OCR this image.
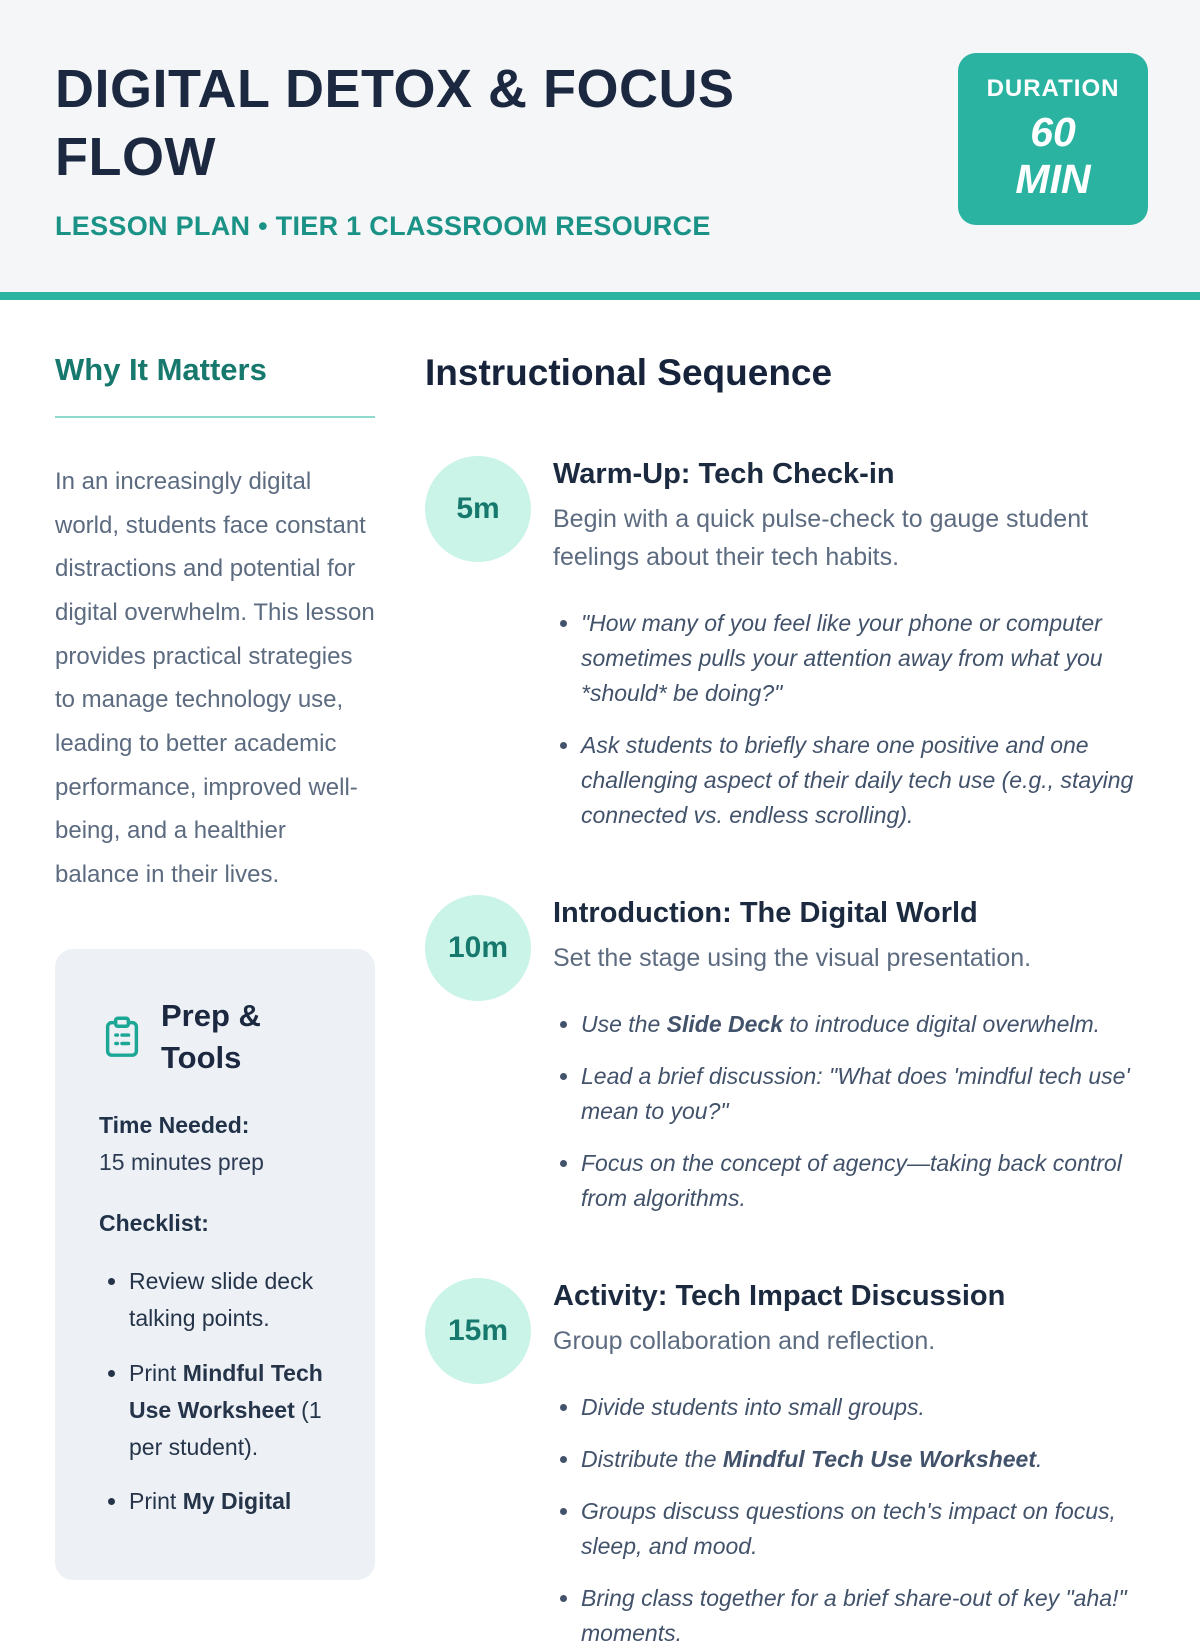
DIGITAL DETOX & FOCUS FLOW
LESSON PLAN • TIER 1 CLASSROOM RESOURCE
DURATION
60
MIN
Why It Matters

In an increasingly digital world, students face constant distractions and potential for digital overwhelm. This lesson provides practical strategies to manage technology use, leading to better academic performance, improved well-being, and a healthier balance in their lives.

Prep & Tools
Time Needed:
15 minutes prep
Checklist:
• Review slide deck talking points.
• Print Mindful Tech Use Worksheet (1 per student).
• Print My Digital
Instructional Sequence
5m
Warm-Up: Tech Check-in

Begin with a quick pulse-check to gauge student feelings about their tech habits.

• "How many of you feel like your phone or computer sometimes pulls your attention away from what you *should* be doing?"
• Ask students to briefly share one positive and one challenging aspect of their daily tech use (e.g., staying connected vs. endless scrolling).
10m
Introduction: The Digital World

Set the stage using the visual presentation.

• Use the Slide Deck to introduce digital overwhelm.
• Lead a brief discussion: "What does 'mindful tech use' mean to you?"
• Focus on the concept of agency—taking back control from algorithms.
15m
Activity: Tech Impact Discussion

Group collaboration and reflection.

• Divide students into small groups.
• Distribute the Mindful Tech Use Worksheet.
• Groups discuss questions on tech's impact on focus, sleep, and mood.
• Bring class together for a brief share-out of key "aha!" moments.
